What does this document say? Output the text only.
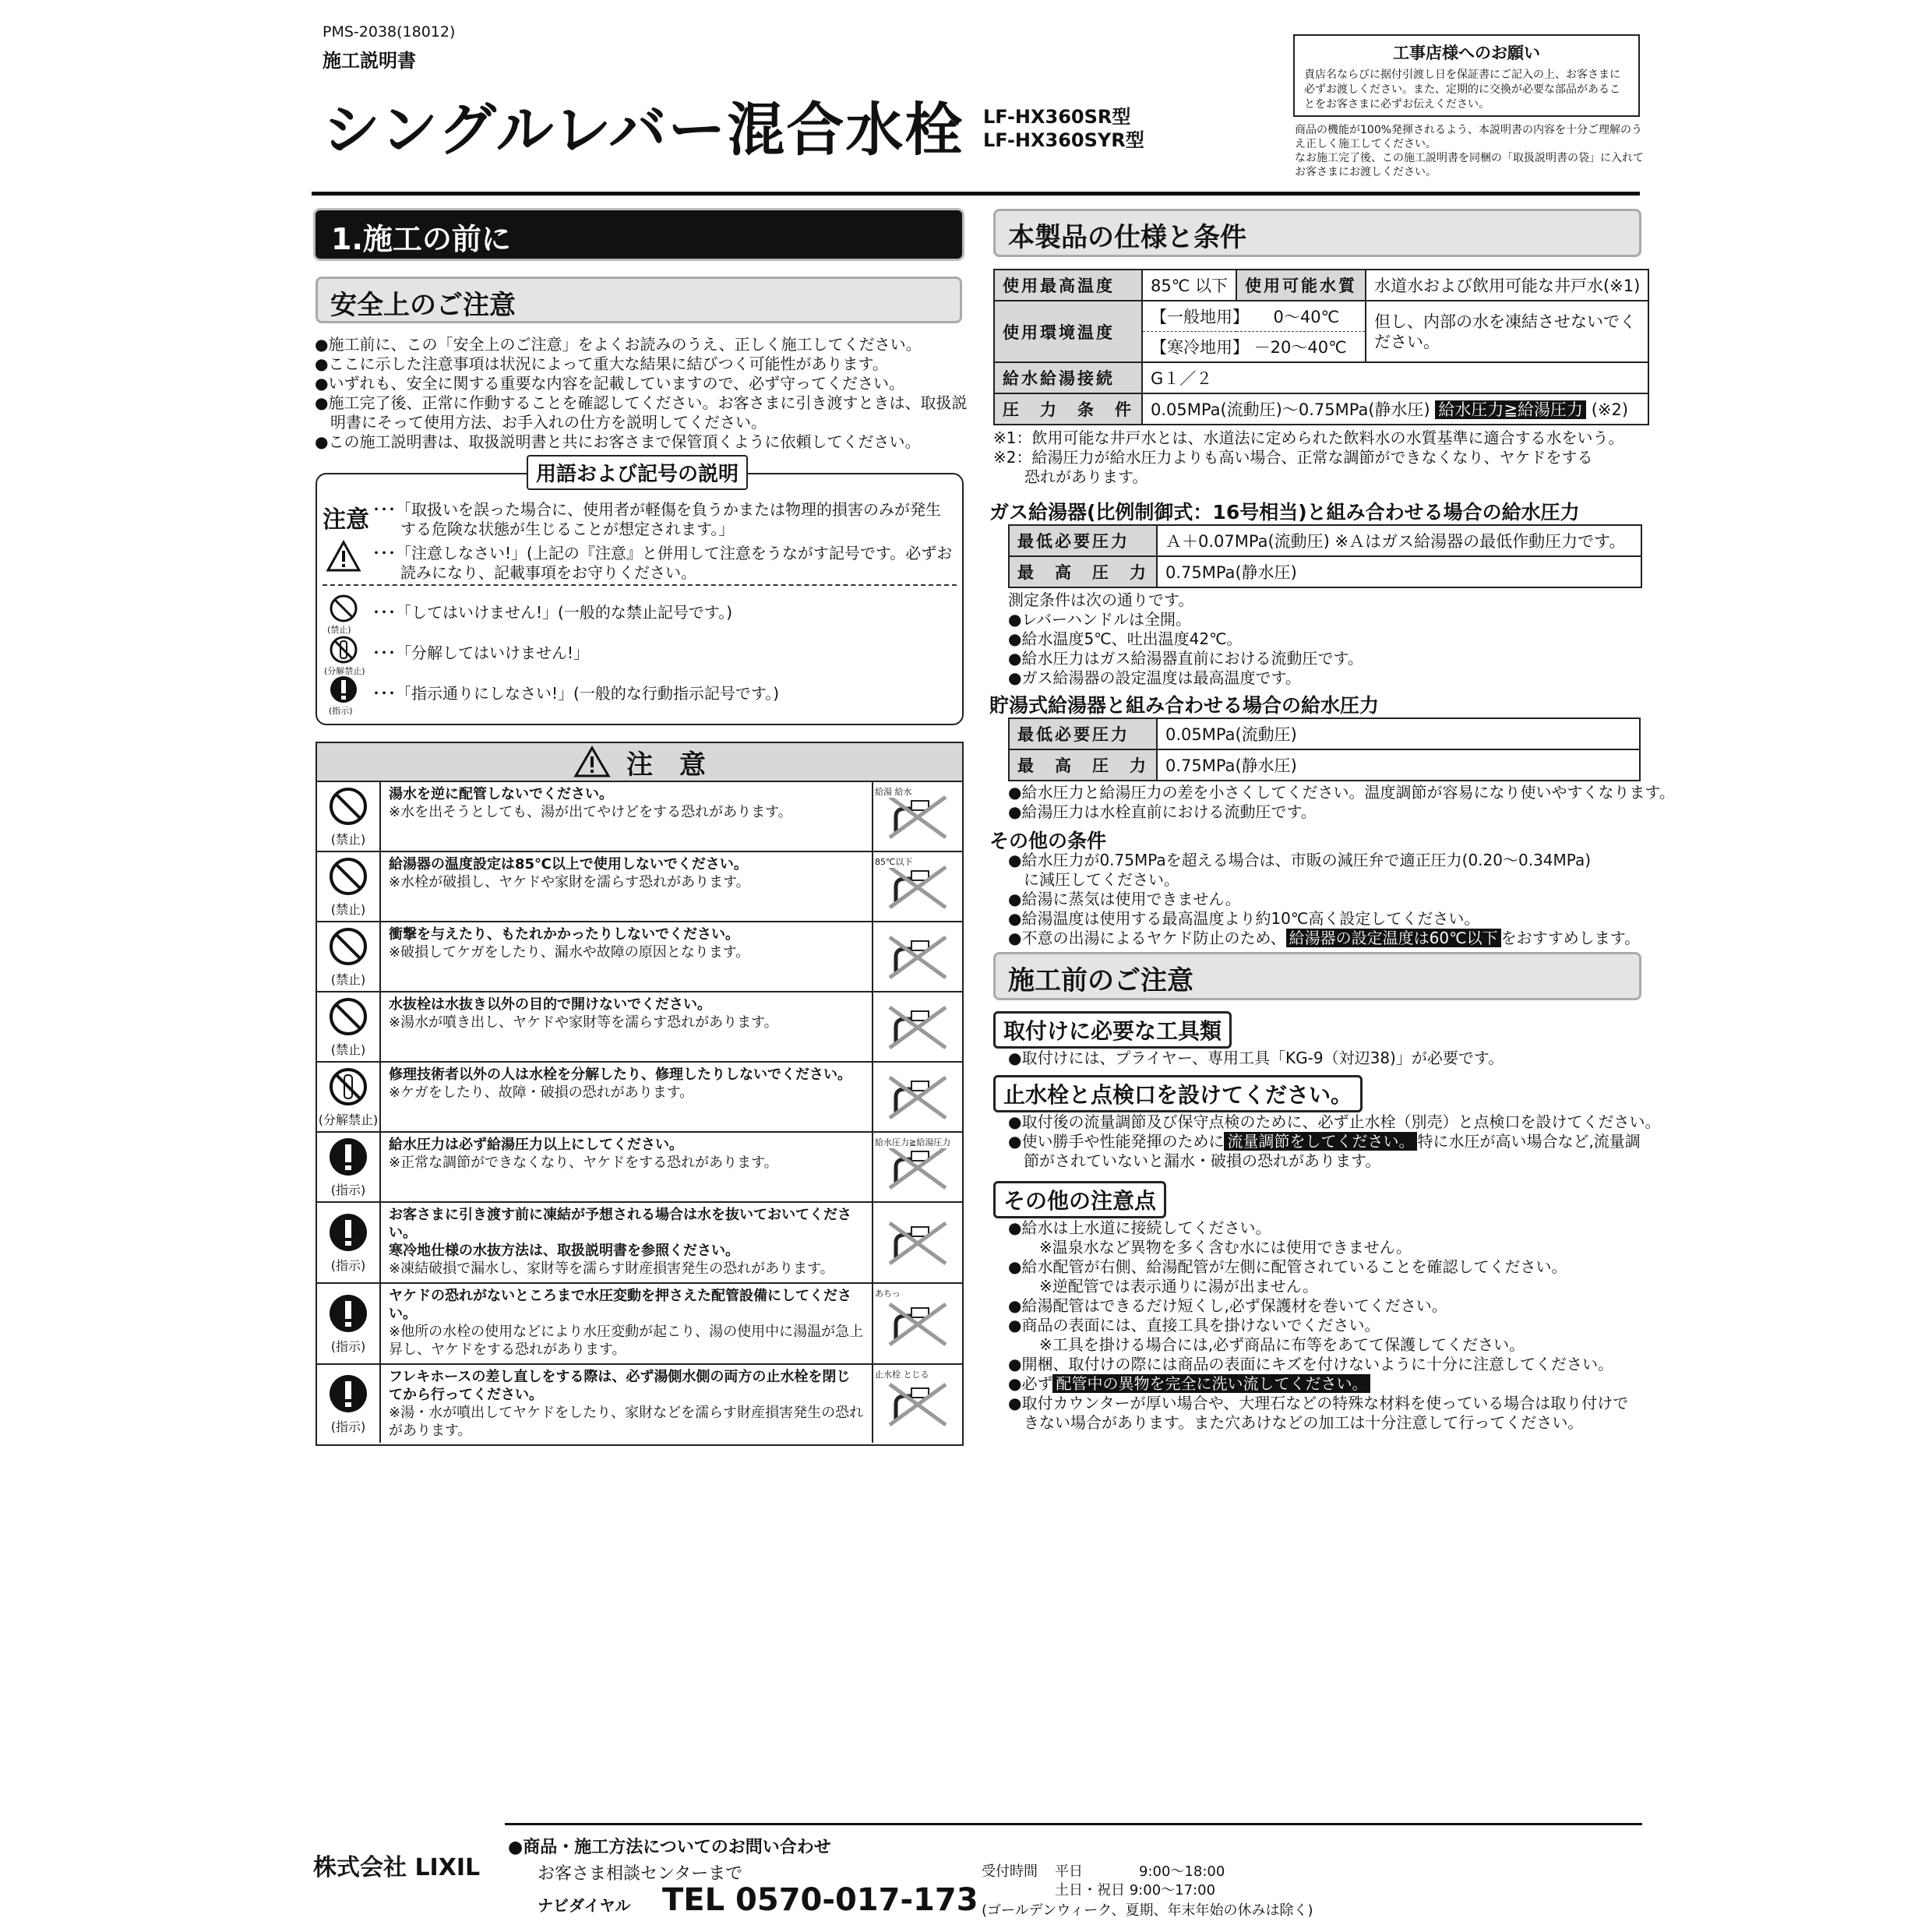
PMS-2038(18012)

施工説明書

シングルレバー混合水栓 LF-HX360SR型

LF-HX360SYR型

工事店様へのお願い

責店名ならびに据付引渡し日を保証書にご記入の上、お客さまに必ずお渡しください。また、定期的に交換が必要な部品があることをお客さまに必ずお伝えください。

商品の機能が100%発揮されるよう、本説明書の内容を十分ご理解のうえ正しく施工してください。

なお施工完了後、この施工説明書を同梱の「取扱説明書の袋」に入れてお客さまにお渡しください。

1.施工の前に
安全上のご注意

●施工前に、この「安全上のご注意」をよくお読みのうえ、正しく施工してください。

●ここに示した注意事項は状況によって重大な結果に結びつく可能性があります。

●いずれも、安全に関する重要な内容を記載していますので、必ず守ってください。

●施工完了後、正常に作動することを確認してください。お客さまに引き渡すときは、取扱説

　明書にそって使用方法、お手入れの仕方を説明してください。

●この施工説明書は、取扱説明書と共にお客さまで保管頂くように依頼してください。

用語および記号の説明

注意 ･･･「取扱いを誤った場合に、使用者が軽傷を負うかまたは物理的損害のみが発生

する危険な状態が生じることが想定されます。」

･･･「注意しなさい!」(上記の『注意』と併用して注意をうながす記号です。必ずお

読みになり、記載事項をお守りください。

(禁止)

･･･「してはいけません!」(一般的な禁止記号です。)

(分解禁止)

･･･「分解してはいけません!」

(指示)

･･･「指示通りにしなさい!」(一般的な行動指示記号です。)

注　意
(禁止)

湯水を逆に配管しないでください。

※水を出そうとしても、湯が出てやけどをする恐れがあります。

給湯 給水
(禁止)

給湯器の温度設定は85℃以上で使用しないでください。

※水栓が破損し、ヤケドや家財を濡らす恐れがあります。

85℃以下
(禁止)

衝撃を与えたり、もたれかかったりしないでください。

※破損してケガをしたり、漏水や故障の原因となります。

(禁止)

水抜栓は水抜き以外の目的で開けないでください。

※湯水が噴き出し、ヤケドや家財等を濡らす恐れがあります。

(分解禁止)

修理技術者以外の人は水栓を分解したり、修理したりしないでください。

※ケガをしたり、故障・破損の恐れがあります。

(指示)

給水圧力は必ず給湯圧力以上にしてください。

※正常な調節ができなくなり、ヤケドをする恐れがあります。

給水圧力≧給湯圧力
(指示)

お客さまに引き渡す前に凍結が予想される場合は水を抜いておいてください。

寒冷地仕様の水抜方法は、取扱説明書を参照ください。

※凍結破損で漏水し、家財等を濡らす財産損害発生の恐れがあります。

(指示)

ヤケドの恐れがないところまで水圧変動を押さえた配管設備にしてください。

※他所の水栓の使用などにより水圧変動が起こり、湯の使用中に湯温が急上昇し、ヤケドをする恐れがあります。

あちっ
(指示)

フレキホースの差し直しをする際は、必ず湯側水側の両方の止水栓を閉じてから行ってください。

※湯・水が噴出してヤケドをしたり、家財などを濡らす財産損害発生の恐れがあります。

止水栓 とじる
本製品の仕様と条件
使用最高温度	85℃ 以下	使用可能水質	水道水および飲用可能な井戸水(※1)
使用環境温度	【一般地用】　　0～40℃		但し、内部の水を凍結させないでください。
	【寒冷地用】 －20～40℃		
給水給湯接続	G１／２		
圧　力　条　件	0.05MPa(流動圧)～0.75MPa(静水圧) 給水圧力≧給湯圧力 (※2)		

※1：飲用可能な井戸水とは、水道法に定められた飲料水の水質基準に適合する水をいう。

※2：給湯圧力が給水圧力よりも高い場合、正常な調節ができなくなり、ヤケドをする

　　恐れがあります。

ガス給湯器(比例制御式：16号相当)と組み合わせる場合の給水圧力

最低必要圧力	Ａ＋0.07MPa(流動圧) ※Ａはガス給湯器の最低作動圧力です。
最　高　圧　力	0.75MPa(静水圧)

測定条件は次の通りです。

●レバーハンドルは全開。

●給水温度5℃、吐出温度42℃。

●給水圧力はガス給湯器直前における流動圧です。

●ガス給湯器の設定温度は最高温度です。

貯湯式給湯器と組み合わせる場合の給水圧力

最低必要圧力	0.05MPa(流動圧)
最　高　圧　力	0.75MPa(静水圧)

●給水圧力と給湯圧力の差を小さくしてください。温度調節が容易になり使いやすくなります。

●給湯圧力は水栓直前における流動圧です。

その他の条件

●給水圧力が0.75MPaを超える場合は、市販の減圧弁で適正圧力(0.20～0.34MPa)

　に減圧してください。

●給湯に蒸気は使用できません。

●給湯温度は使用する最高温度より約10℃高く設定してください。

●不意の出湯によるヤケド防止のため、 給湯器の設定温度は60℃以下 をおすすめします。

施工前のご注意
取付けに必要な工具類

●取付けには、プライヤー、専用工具「KG-9（対辺38)」が必要です。

止水栓と点検口を設けてください。

●取付後の流量調節及び保守点検のために、必ず止水栓（別売）と点検口を設けてください。

●使い勝手や性能発揮のために 流量調節をしてください。 特に水圧が高い場合など,流量調

　節がされていないと漏水・破損の恐れがあります。

その他の注意点

●給水は上水道に接続してください。

　　※温泉水など異物を多く含む水には使用できません。

●給水配管が右側、給湯配管が左側に配管されていることを確認してください。

　　※逆配管では表示通りに湯が出ません。

●給湯配管はできるだけ短くし,必ず保護材を巻いてください。

●商品の表面には、直接工具を掛けないでください。

　　※工具を掛ける場合には,必ず商品に布等をあてて保護してください。

●開梱、取付けの際には商品の表面にキズを付けないように十分に注意してください。

●必ず 配管中の異物を完全に洗い流してください。

●取付カウンターが厚い場合や、大理石などの特殊な材料を使っている場合は取り付けで

　きない場合があります。また穴あけなどの加工は十分注意して行ってください。

株式会社 LIXIL

●商品・施工方法についてのお問い合わせ

お客さま相談センターまで

ナビダイヤル TEL 0570-017-173

受付時間 平日　　　　9:00～18:00

土日・祝日 9:00～17:00

(ゴールデンウィーク、夏期、年末年始の休みは除く)
